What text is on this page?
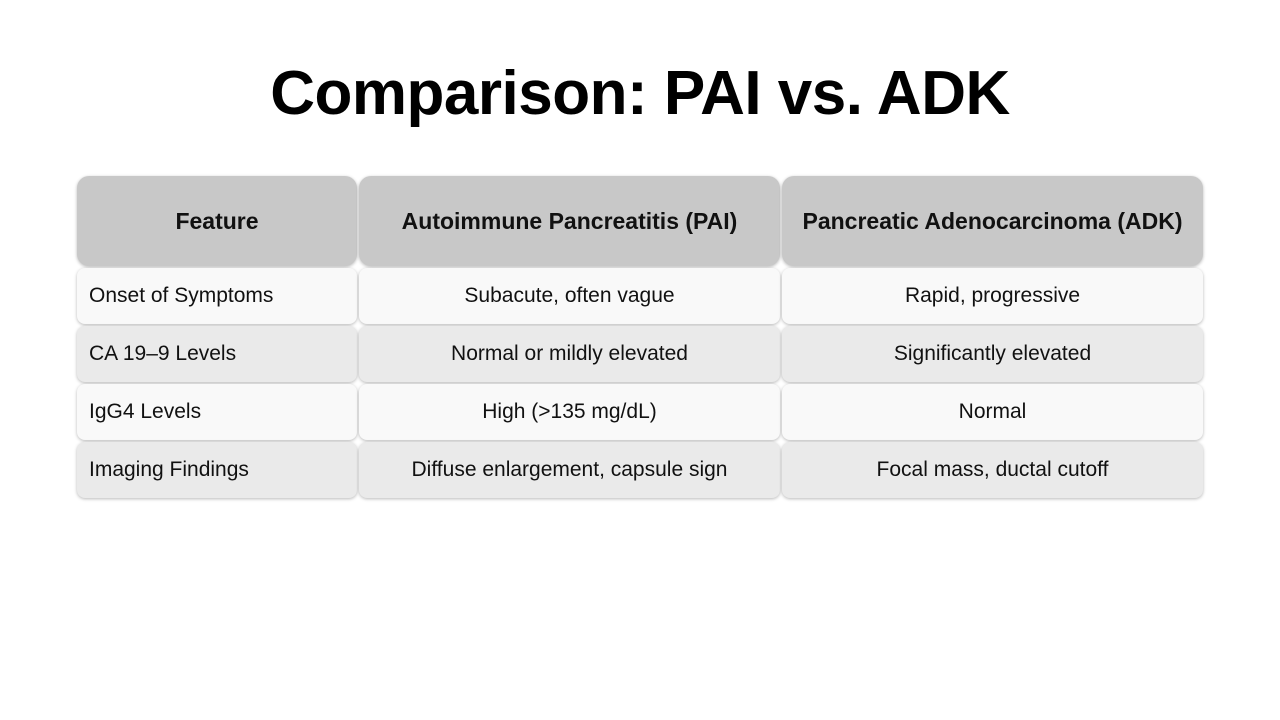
Comparison: PAI vs. ADK
Feature	Autoimmune Pancreatitis (PAI)	Pancreatic Adenocarcinoma (ADK)
Onset of Symptoms	Subacute, often vague	Rapid, progressive
CA 19–9 Levels	Normal or mildly elevated	Significantly elevated
IgG4 Levels	High (>135 mg/dL)	Normal
Imaging Findings	Diffuse enlargement, capsule sign	Focal mass, ductal cutoff
